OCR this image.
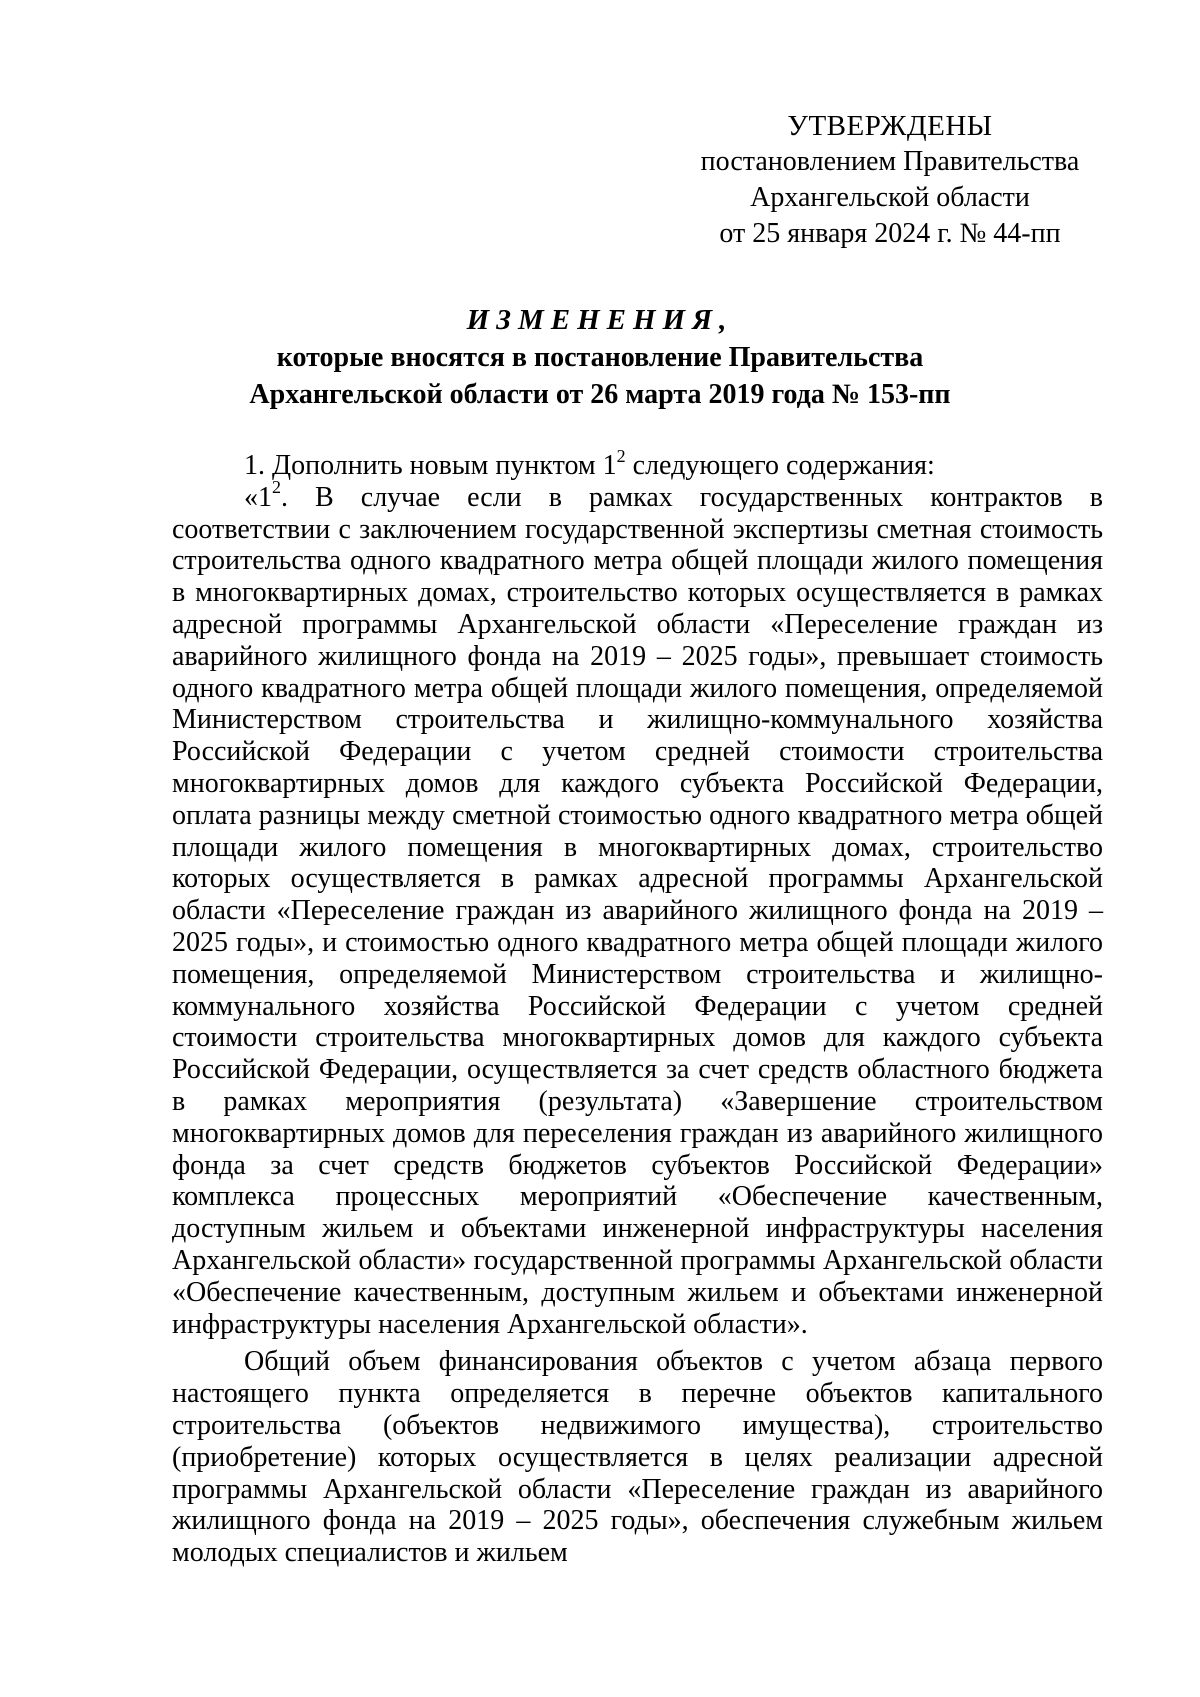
УТВЕРЖДЕНЫ
постановлением Правительства
Архангельской области
от 25 января 2024 г. № 44-пп
ИЗМЕНЕНИЯ,
которые вносятся в постановление Правительства
Архангельской области от 26 марта 2019 года № 153-пп

1. Дополнить новым пунктом $1^2$ следующего содержания:

«$1^2$. В случае если в рамках государственных контрактов в соответствии с заключением государственной экспертизы сметная стоимость строительства одного квадратного метра общей площади жилого помещения в многоквартирных домах, строительство которых осуществляется в рамках адресной программы Архангельской области «Переселение граждан из аварийного жилищного фонда на 2019 – 2025 годы», превышает стоимость одного квадратного метра общей площади жилого помещения, определяемой Министерством строительства и жилищно-коммунального хозяйства Российской Федерации с учетом средней стоимости строительства многоквартирных домов для каждого субъекта Российской Федерации, оплата разницы между сметной стоимостью одного квадратного метра общей площади жилого помещения в многоквартирных домах, строительство которых осуществляется в рамках адресной программы Архангельской области «Переселение граждан из аварийного жилищного фонда на 2019 – 2025 годы», и стоимостью одного квадратного метра общей площади жилого помещения, определяемой Министерством строительства и жилищно-коммунального хозяйства Российской Федерации с учетом средней стоимости строительства многоквартирных домов для каждого субъекта Российской Федерации, осуществляется за счет средств областного бюджета в рамках мероприятия (результата) «Завершение строительством многоквартирных домов для переселения граждан из аварийного жилищного фонда за счет средств бюджетов субъектов Российской Федерации» комплекса процессных мероприятий «Обеспечение качественным, доступным жильем и объектами инженерной инфраструктуры населения Архангельской области» государственной программы Архангельской области «Обеспечение качественным, доступным жильем и объектами инженерной инфраструктуры населения Архангельской области».

Общий объем финансирования объектов с учетом абзаца первого настоящего пункта определяется в перечне объектов капитального строительства (объектов недвижимого имущества), строительство (приобретение) которых осуществляется в целях реализации адресной программы Архангельской области «Переселение граждан из аварийного жилищного фонда на 2019 – 2025 годы», обеспечения служебным жильем молодых специалистов и жильем
